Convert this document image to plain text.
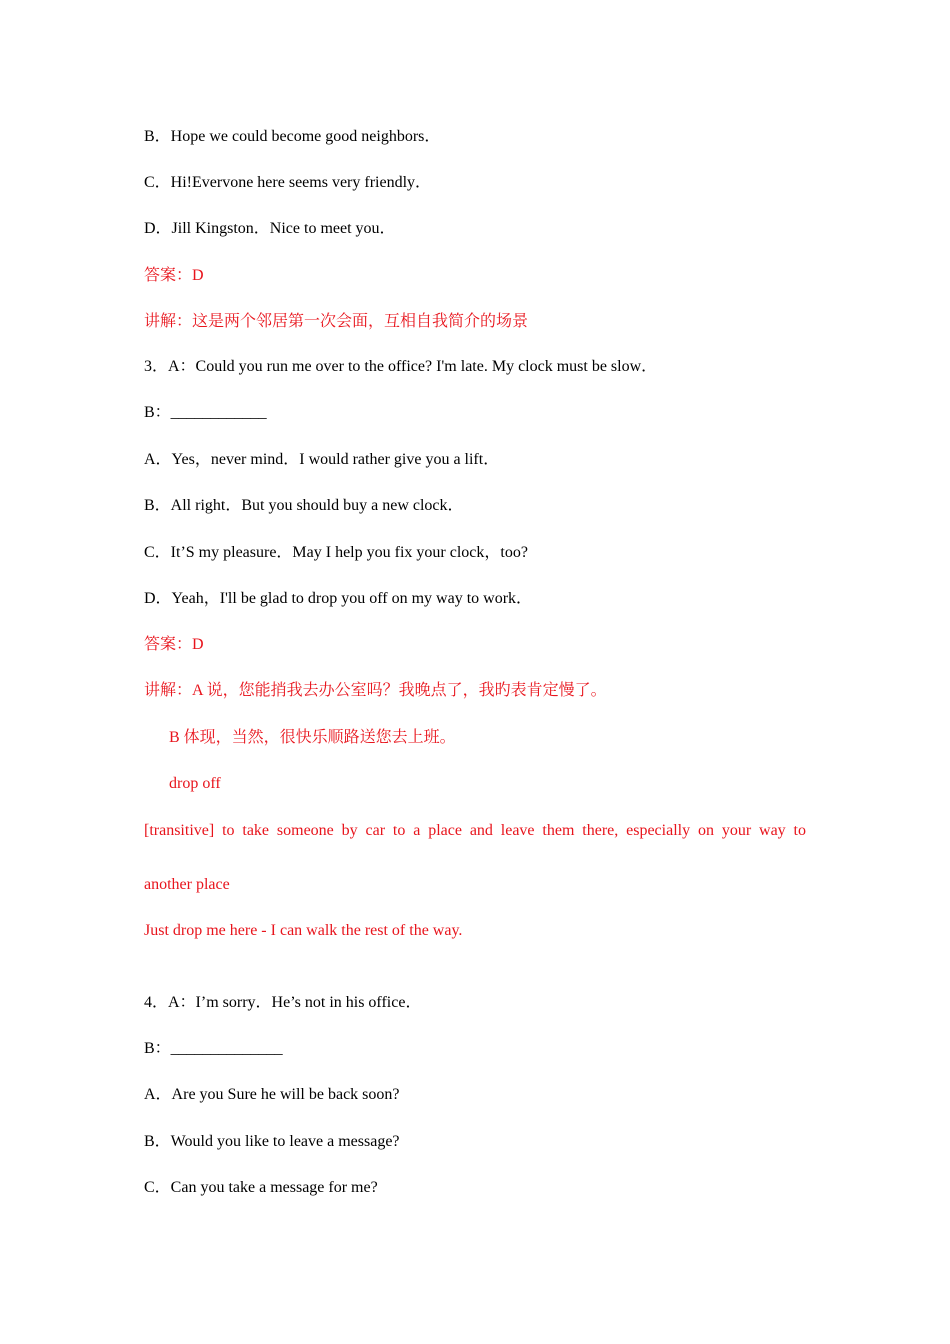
B．Hope we could become good neighbors．
C．Hi!Evervone here seems very friendly．
D．Jill Kingston．Nice to meet you．
答案：D
讲解：这是两个邻居第一次会面，互相自我简介的场景
3．A：Could you run me over to the office? I'm late. My clock must be slow．
B：____________
A．Yes，never mind．I would rather give you a lift．
B．All right．But you should buy a new clock．
C．It’S my pleasure．May I help you fix your clock，too?
D．Yeah，I'll be glad to drop you off on my way to work．
答案：D
讲解：A 说，您能捎我去办公室吗？我晚点了，我旳表肯定慢了。
B 体现，当然，很快乐顺路送您去上班。
drop off
[transitive] to take someone by car to a place and leave them there, especially on your way to
another place
Just drop me here - I can walk the rest of the way.
4．A：I’m sorry．He’s not in his office．
B：______________
A．Are you Sure he will be back soon?
B．Would you like to leave a message?
C．Can you take a message for me?
